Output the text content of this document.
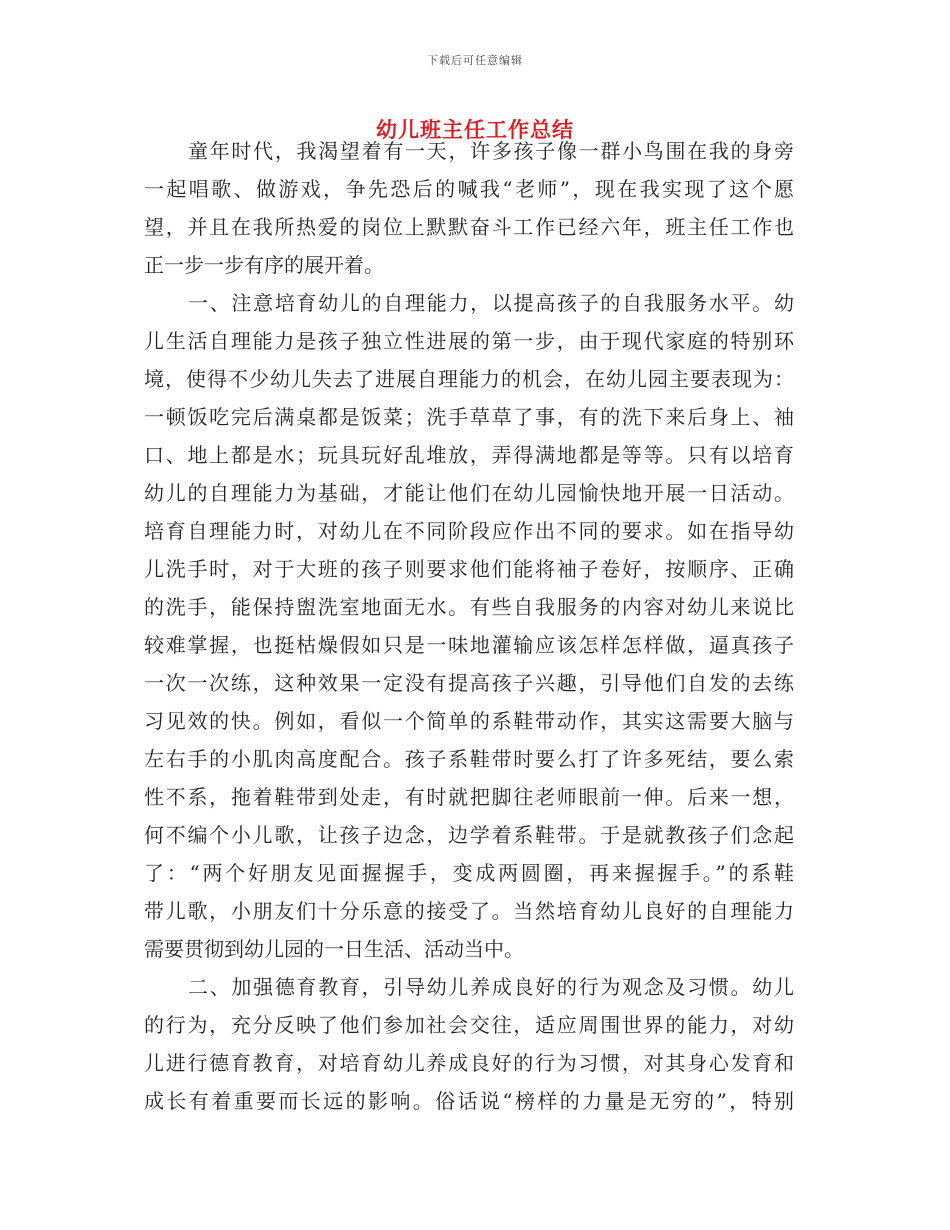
下载后可任意编辑
幼儿班主任工作总结
童年时代，我渴望着有一天，许多孩子像一群小鸟围在我的身旁
一起唱歌、做游戏，争先恐后的喊我“老师”，现在我实现了这个愿
望，并且在我所热爱的岗位上默默奋斗工作已经六年，班主任工作也
正一步一步有序的展开着。
一、注意培育幼儿的自理能力，以提高孩子的自我服务水平。幼
儿生活自理能力是孩子独立性进展的第一步，由于现代家庭的特别环
境，使得不少幼儿失去了进展自理能力的机会，在幼儿园主要表现为：
一顿饭吃完后满桌都是饭菜；洗手草草了事，有的洗下来后身上、袖
口、地上都是水；玩具玩好乱堆放，弄得满地都是等等。只有以培育
幼儿的自理能力为基础，才能让他们在幼儿园愉快地开展一日活动。
培育自理能力时，对幼儿在不同阶段应作出不同的要求。如在指导幼
儿洗手时，对于大班的孩子则要求他们能将袖子卷好，按顺序、正确
的洗手，能保持盥洗室地面无水。有些自我服务的内容对幼儿来说比
较难掌握，也挺枯燥假如只是一味地灌输应该怎样怎样做，逼真孩子
一次一次练，这种效果一定没有提高孩子兴趣，引导他们自发的去练
习见效的快。例如，看似一个简单的系鞋带动作，其实这需要大脑与
左右手的小肌肉高度配合。孩子系鞋带时要么打了许多死结，要么索
性不系，拖着鞋带到处走，有时就把脚往老师眼前一伸。后来一想，
何不编个小儿歌，让孩子边念，边学着系鞋带。于是就教孩子们念起
了：“两个好朋友见面握握手，变成两圆圈，再来握握手。”的系鞋
带儿歌，小朋友们十分乐意的接受了。当然培育幼儿良好的自理能力
需要贯彻到幼儿园的一日生活、活动当中。
二、加强德育教育，引导幼儿养成良好的行为观念及习惯。幼儿
的行为，充分反映了他们参加社会交往，适应周围世界的能力，对幼
儿进行德育教育，对培育幼儿养成良好的行为习惯，对其身心发育和
成长有着重要而长远的影响。俗话说“榜样的力量是无穷的”，特别
